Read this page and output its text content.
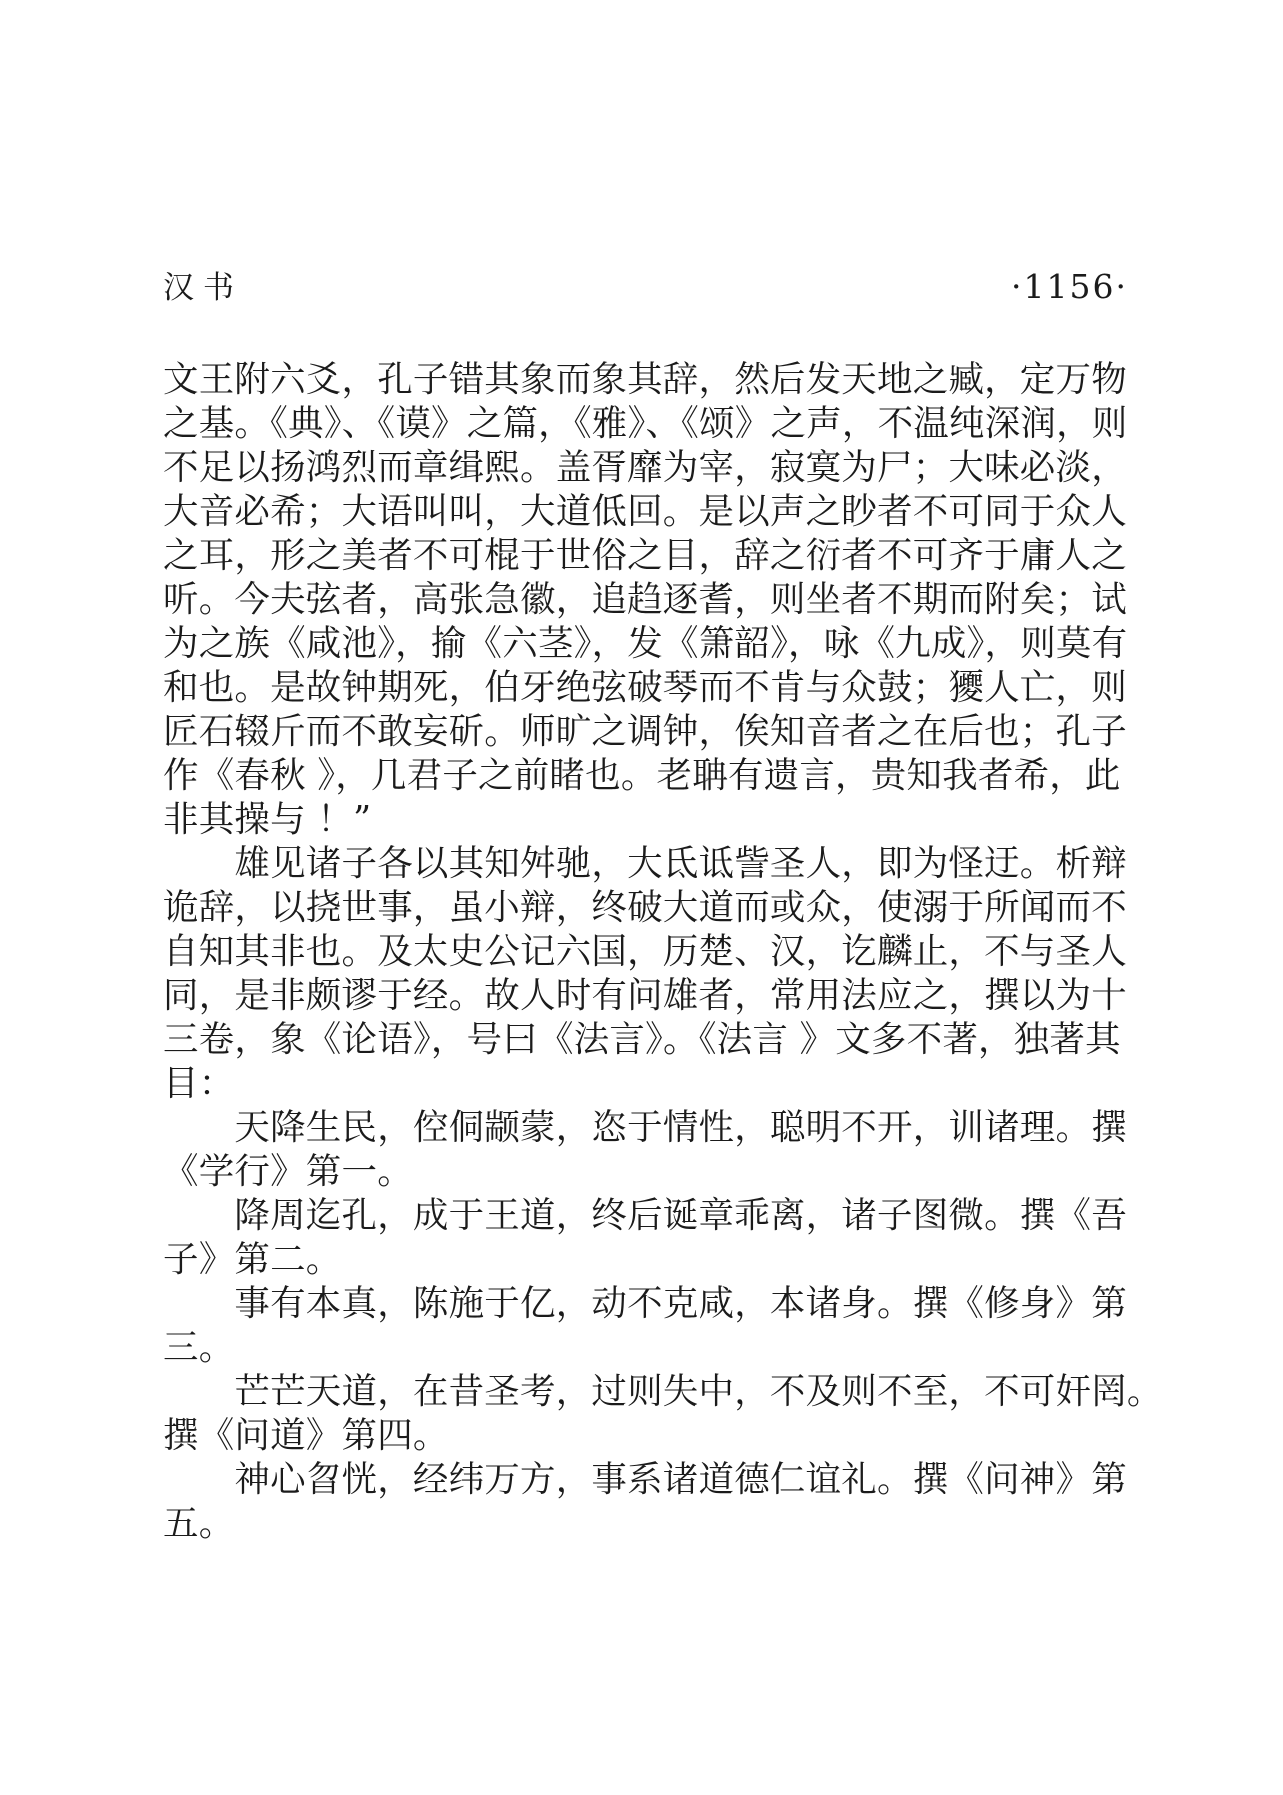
汉书	·1156·
文王附六爻，孔子错其象而象其辞，然后发天地之臧，定万物
之基。《典》、《谟》之篇，《雅》、《颂》之声，不温纯深润，则
不足以扬鸿烈而章缉熙。盖胥靡为宰，寂寞为尸；大味必淡，
大音必希；大语叫叫，大道低回。是以声之眇者不可同于众人
之耳，形之美者不可棍于世俗之目，辞之衍者不可齐于庸人之
听。今夫弦者，高张急徽，追趋逐耆，则坐者不期而附矣；试
为之族《咸池》，揄《六茎》，发《箫韶》，咏《九成》，则莫有
和也。是故钟期死，伯牙绝弦破琴而不肯与众鼓；獿人亡，则
匠石辍斤而不敢妄斫。师旷之调钟，俟知音者之在后也；孔子
作《春秋 》，几君子之前睹也。老聃有遗言，贵知我者希，此
非其操与 ！”
　　雄见诸子各以其知舛驰，大氐诋訾圣人，即为怪迂。析辩
诡辞，以挠世事，虽小辩，终破大道而或众，使溺于所闻而不
自知其非也。及太史公记六国，历楚、汉，讫麟止，不与圣人
同，是非颇谬于经。故人时有问雄者，常用法应之，撰以为十
三卷，象《论语》，号曰《法言》。《法言 》文多不著，独著其
目：
　　天降生民，倥侗颛蒙，恣于情性，聪明不开，训诸理。撰
《学行》第一。
　　降周迄孔，成于王道，终后诞章乖离，诸子图微。撰《吾
子》第二。
　　事有本真，陈施于亿，动不克咸，本诸身。撰《修身》第
三。
　　芒芒天道，在昔圣考，过则失中，不及则不至，不可奸罔。
撰《问道》第四。
　　神心曶恍，经纬万方，事系诸道德仁谊礼。撰《问神》第
五。
